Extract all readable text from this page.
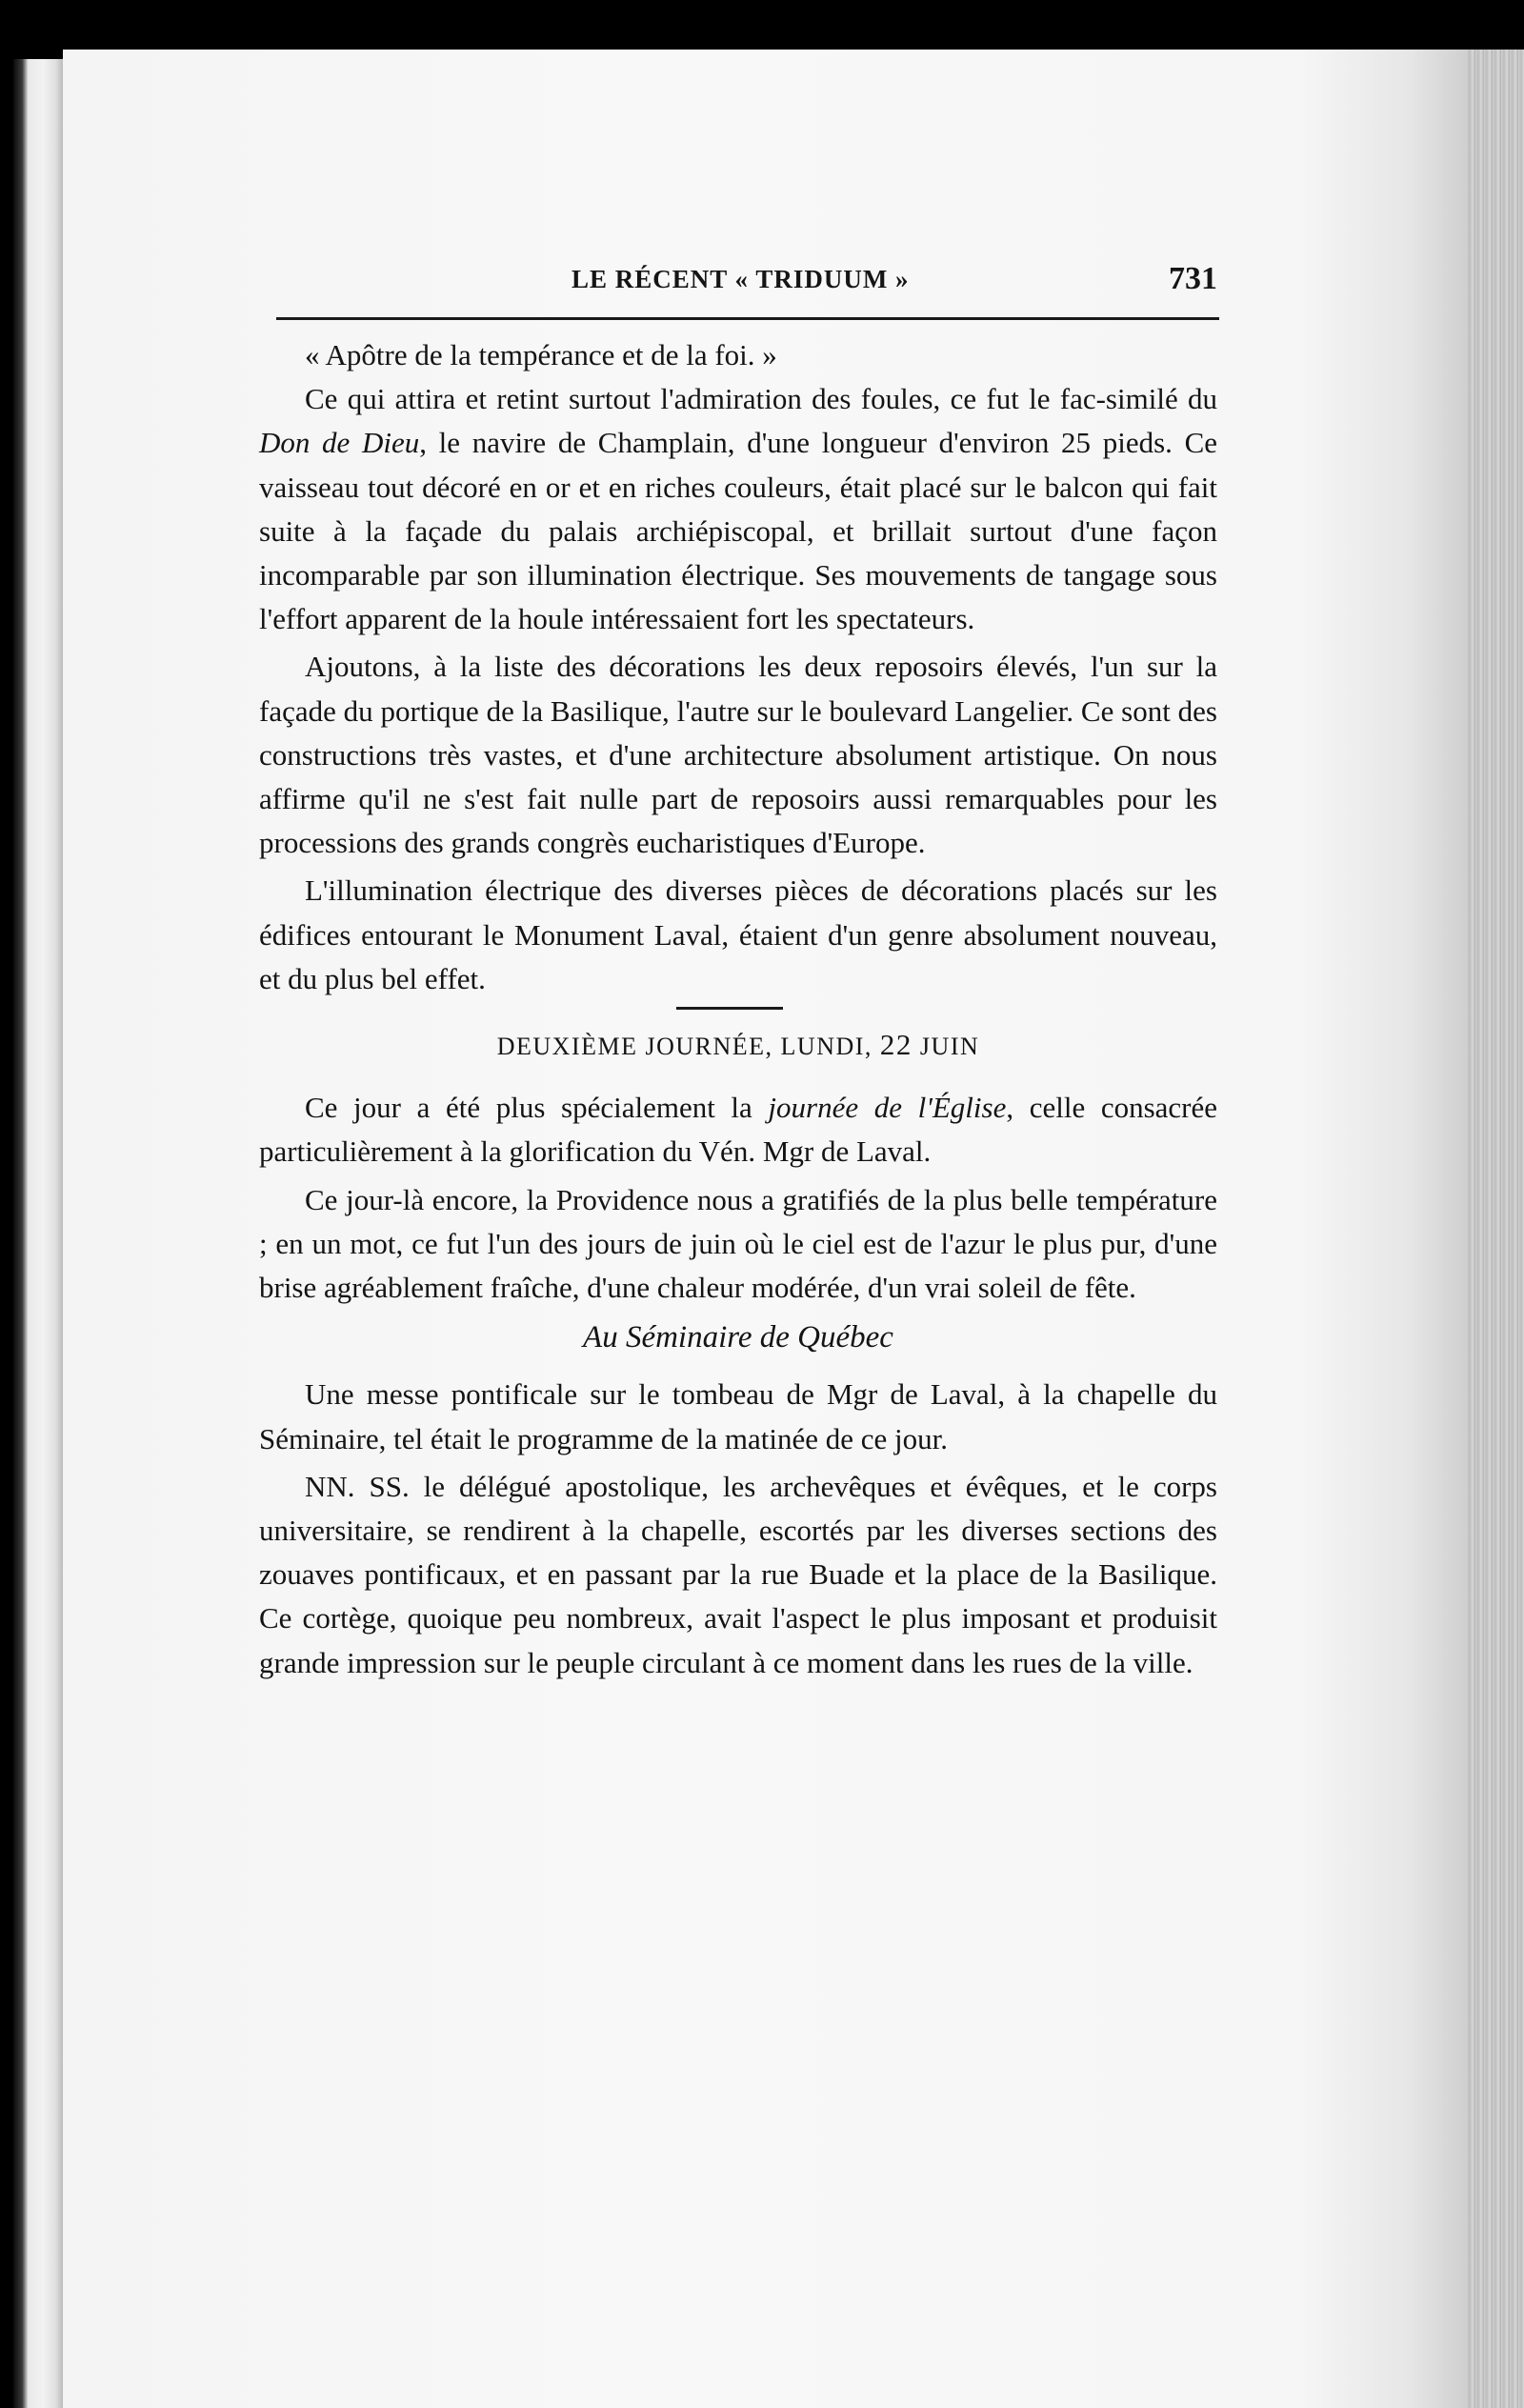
LE RÉCENT « TRIDUUM »	731

« Apôtre de la tempérance et de la foi. »

Ce qui attira et retint surtout l'admiration des foules, ce fut le fac-similé du Don de Dieu, le navire de Champlain, d'une longueur d'environ 25 pieds. Ce vaisseau tout décoré en or et en riches couleurs, était placé sur le balcon qui fait suite à la façade du palais archiépiscopal, et brillait surtout d'une façon incomparable par son illumination électrique. Ses mouvements de tangage sous l'effort apparent de la houle intéressaient fort les spectateurs.

Ajoutons, à la liste des décorations les deux reposoirs élevés, l'un sur la façade du portique de la Basilique, l'autre sur le boulevard Langelier. Ce sont des constructions très vastes, et d'une architecture absolument artistique. On nous affirme qu'il ne s'est fait nulle part de reposoirs aussi remarquables pour les processions des grands congrès eucharistiques d'Europe.

L'illumination électrique des diverses pièces de décorations placés sur les édifices entourant le Monument Laval, étaient d'un genre absolument nouveau, et du plus bel effet.

DEUXIÈME JOURNÉE, LUNDI, 22 JUIN

Ce jour a été plus spécialement la journée de l'Église, celle consacrée particulièrement à la glorification du Vén. Mgr de Laval.

Ce jour-là encore, la Providence nous a gratifiés de la plus belle température ; en un mot, ce fut l'un des jours de juin où le ciel est de l'azur le plus pur, d'une brise agréablement fraîche, d'une chaleur modérée, d'un vrai soleil de fête.

Au Séminaire de Québec

Une messe pontificale sur le tombeau de Mgr de Laval, à la chapelle du Séminaire, tel était le programme de la matinée de ce jour.

NN. SS. le délégué apostolique, les archevêques et évêques, et le corps universitaire, se rendirent à la chapelle, escortés par les diverses sections des zouaves pontificaux, et en passant par la rue Buade et la place de la Basilique. Ce cortège, quoique peu nombreux, avait l'aspect le plus imposant et produisit grande impression sur le peuple circulant à ce moment dans les rues de la ville.
